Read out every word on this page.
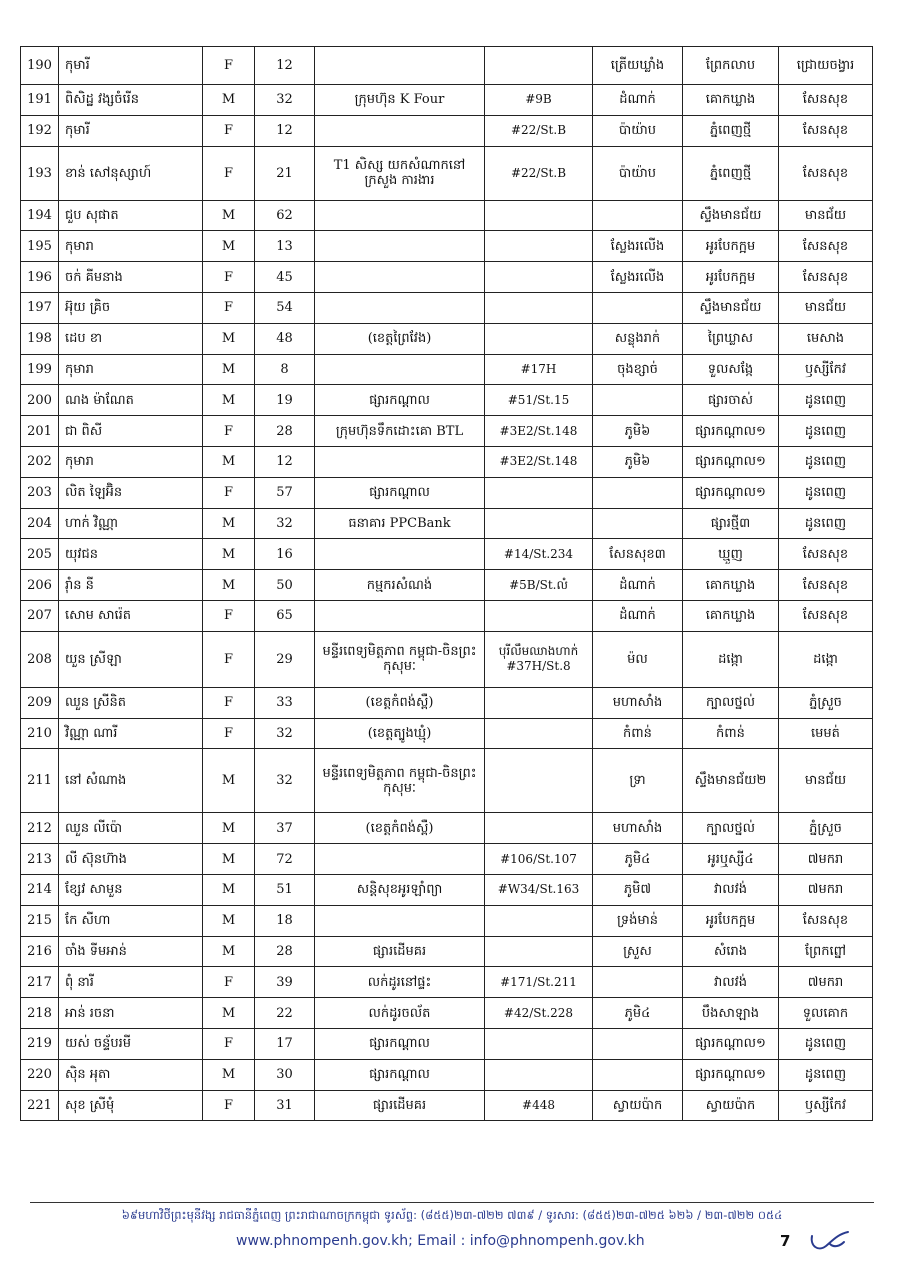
190	កុមារី	F	12			ត្រើយឃ្លាំង	ព្រែកលាប	ជ្រោយចង្វារ
191	ពិសិដ្ឋ វង្សចំរើន	M	32	ក្រុមហ៊ុន K Four	#9B	ដំណាក់	គោកឃ្លាង	សែនសុខ
192	កុមារី	F	12		#22/St.B	ប៉ាយ៉ាប	ភ្នំពេញថ្មី	សែនសុខ
193	ខាន់ សៅនុស្សាហ៍	F	21	T1 សិស្ស យកសំណាកនៅ ក្រសួង ការងារ	#22/St.B	ប៉ាយ៉ាប	ភ្នំពេញថ្មី	សែនសុខ
194	ជួប សុផាត	M	62				ស្ទឹងមានជ័យ	មានជ័យ
195	កុមារា	M	13			ស្លែងរលើង	អូរបែកក្អម	សែនសុខ
196	ចក់ គីមនាង	F	45			ស្លែងរលើង	អូរបែកក្អម	សែនសុខ
197	អ៊ុយ គ្រិច	F	54				ស្ទឹងមានជ័យ	មានជ័យ
198	ដេប ខា	M	48	(ខេត្តព្រៃវែង)		សន្លុងរាក់	ព្រៃឃ្លាស	មេសាង
199	កុមារា	M	8		#17H	ចុងខ្សាច់	ទួលសង្កែ	ឫស្សីកែវ
200	ណង ម៉ាណែត	M	19	ផ្សារកណ្តាល	#51/St.15		ផ្សារចាស់	ដូនពេញ
201	ជា ពិសី	F	28	ក្រុមហ៊ុនទឹកដោះគោ BTL	#3E2/St.148	ភូមិ៦	ផ្សារកណ្តាល១	ដូនពេញ
202	កុមារា	M	12		#3E2/St.148	ភូមិ៦	ផ្សារកណ្តាល១	ដូនពេញ
203	លិត ឡៃអ៊ិន	F	57	ផ្សារកណ្តាល			ផ្សារកណ្តាល១	ដូនពេញ
204	ហាក់ វិណ្ណា	M	32	ធនាគារ PPCBank			ផ្សារថ្មី៣	ដូនពេញ
205	យុវជន	M	16		#14/St.234	សែនសុខ៣	ឃ្មួញ	សែនសុខ
206	រ៉ាំន នី	M	50	កម្មករសំណង់	#5B/St.លំ	ដំណាក់	គោកឃ្លាង	សែនសុខ
207	សោម សារ៉េត	F	65			ដំណាក់	គោកឃ្លាង	សែនសុខ
208	យួន ស្រីឡា	F	29	មន្ទីរពេទ្យមិត្តភាព កម្ពុជា-ចិនព្រះកុសុមៈ	បុរីលឹមឈាងហាក់ #37H/St.8	ម៉ល	ដង្កោ	ដង្កោ
209	ឈួន ស្រីនិត	F	33	(ខេត្តកំពង់ស្ពឺ)		មហាសាំង	ក្បាលថ្នល់	ភ្នំស្រួច
210	វិណ្ណា ណារី	F	32	(ខេត្តត្បូងឃ្មុំ)		កំពាន់	កំពាន់	មេមត់
211	នៅ សំណាង	M	32	មន្ទីរពេទ្យមិត្តភាព កម្ពុជា-ចិនព្រះកុសុមៈ		ទ្រា	ស្ទឹងមានជ័យ២	មានជ័យ
212	ឈួន លីប៉ោ	M	37	(ខេត្តកំពង់ស្ពឺ)		មហាសាំង	ក្បាលថ្នល់	ភ្នំស្រួច
213	លី ស៊ុនហ៊ាង	M	72		#106/St.107	ភូមិ៤	អូរឬស្សី៤	៧មករា
214	ខ្សែវ សាមួន	M	51	សន្តិសុខអូរឡាំព្យា	#W34/St.163	ភូមិ៧	វាលវង់	៧មករា
215	កែ សីហា	M	18			ទ្រង់មាន់	អូរបែកក្អម	សែនសុខ
216	ចាំង ទីមអាន់	M	28	ផ្សារដើមគរ		ស្រួស	សំរោង	ព្រែកព្នៅ
217	ពុំ នារី	F	39	លក់ដូរនៅផ្ទះ	#171/St.211		វាលវង់	៧មករា
218	អាន់ រចនា	M	22	លក់ដូរចល័ត	#42/St.228	ភូមិ៤	បឹងសាឡាង	ទួលគោក
219	យស់ ចន្ទ័បរមី	F	17	ផ្សារកណ្តាល			ផ្សារកណ្តាល១	ដូនពេញ
220	ស៊ិន អុតា	M	30	ផ្សារកណ្តាល			ផ្សារកណ្តាល១	ដូនពេញ
221	សុខ ស្រីមុំ	F	31	ផ្សារដើមគរ	#448	ស្វាយប៉ាក	ស្វាយប៉ាក	ឫស្សីកែវ
៦៩មហាវិថីព្រះមុនីវង្ស រាជធានីភ្នំពេញ ព្រះរាជាណាចក្រកម្ពុជា ទូរស័ព្ទ: (៨៥៥)២៣-៧២២ ៧៣៩ / ទូរសារ: (៨៥៥)២៣-៧២៥ ៦២៦ / ២៣-៧២២ ០៥៤
www.phnompenh.gov.kh; Email : info@phnompenh.gov.kh	7
